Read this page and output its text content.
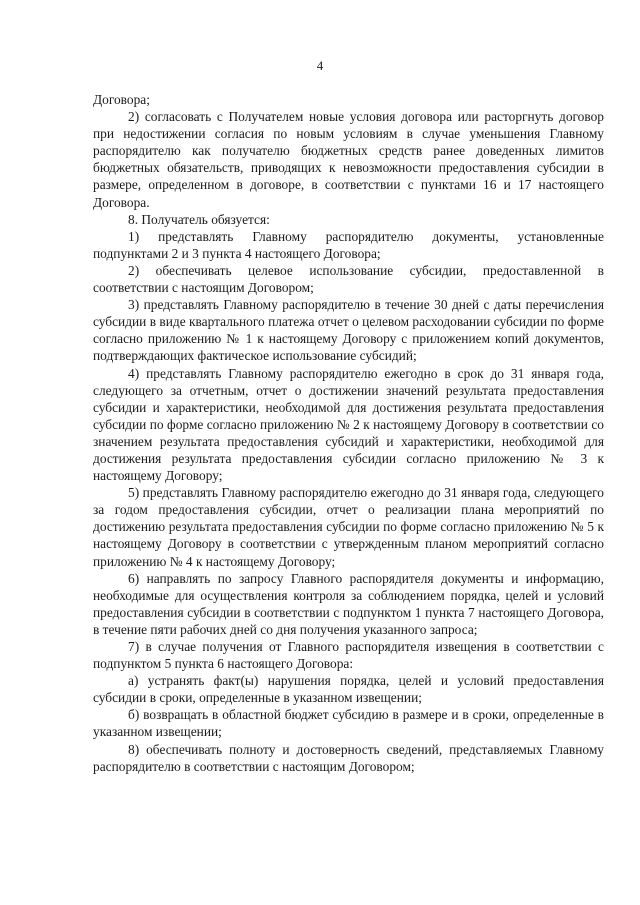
4

Договора;

2) согласовать с Получателем новые условия договора или расторгнуть договор при недостижении согласия по новым условиям в случае уменьшения Главному распорядителю как получателю бюджетных средств ранее доведенных лимитов бюджетных обязательств, приводящих к невозможности предоставления субсидии в размере, определенном в договоре, в соответствии с пунктами 16 и 17 настоящего Договора.

8. Получатель обязуется:

1) представлять Главному распорядителю документы, установленные подпунктами 2 и 3 пункта 4 настоящего Договора;

2) обеспечивать целевое использование субсидии, предоставленной в соответствии с настоящим Договором;

3) представлять Главному распорядителю в течение 30 дней с даты перечисления субсидии в виде квартального платежа отчет о целевом расходовании субсидии по форме согласно приложению № 1 к настоящему Договору с приложением копий документов, подтверждающих фактическое использование субсидий;

4) представлять Главному распорядителю ежегодно в срок до 31 января года, следующего за отчетным, отчет о достижении значений результата предоставления субсидии и характеристики, необходимой для достижения результата предоставления субсидии по форме согласно приложению № 2 к настоящему Договору в соответствии со значением результата предоставления субсидий и характеристики, необходимой для достижения результата предоставления субсидии согласно приложению № 3 к настоящему Договору;

5) представлять Главному распорядителю ежегодно до 31 января года, следующего за годом предоставления субсидии, отчет о реализации плана мероприятий по достижению результата предоставления субсидии по форме согласно приложению № 5 к настоящему Договору в соответствии с утвержденным планом мероприятий согласно приложению № 4 к настоящему Договору;

6) направлять по запросу Главного распорядителя документы и информацию, необходимые для осуществления контроля за соблюдением порядка, целей и условий предоставления субсидии в соответствии с подпунктом 1 пункта 7 настоящего Договора, в течение пяти рабочих дней со дня получения указанного запроса;

7) в случае получения от Главного распорядителя извещения в соответствии с подпунктом 5 пункта 6 настоящего Договора:

а) устранять факт(ы) нарушения порядка, целей и условий предоставления субсидии в сроки, определенные в указанном извещении;

б) возвращать в областной бюджет субсидию в размере и в сроки, определенные в указанном извещении;

8) обеспечивать полноту и достоверность сведений, представляемых Главному распорядителю в соответствии с настоящим Договором;
